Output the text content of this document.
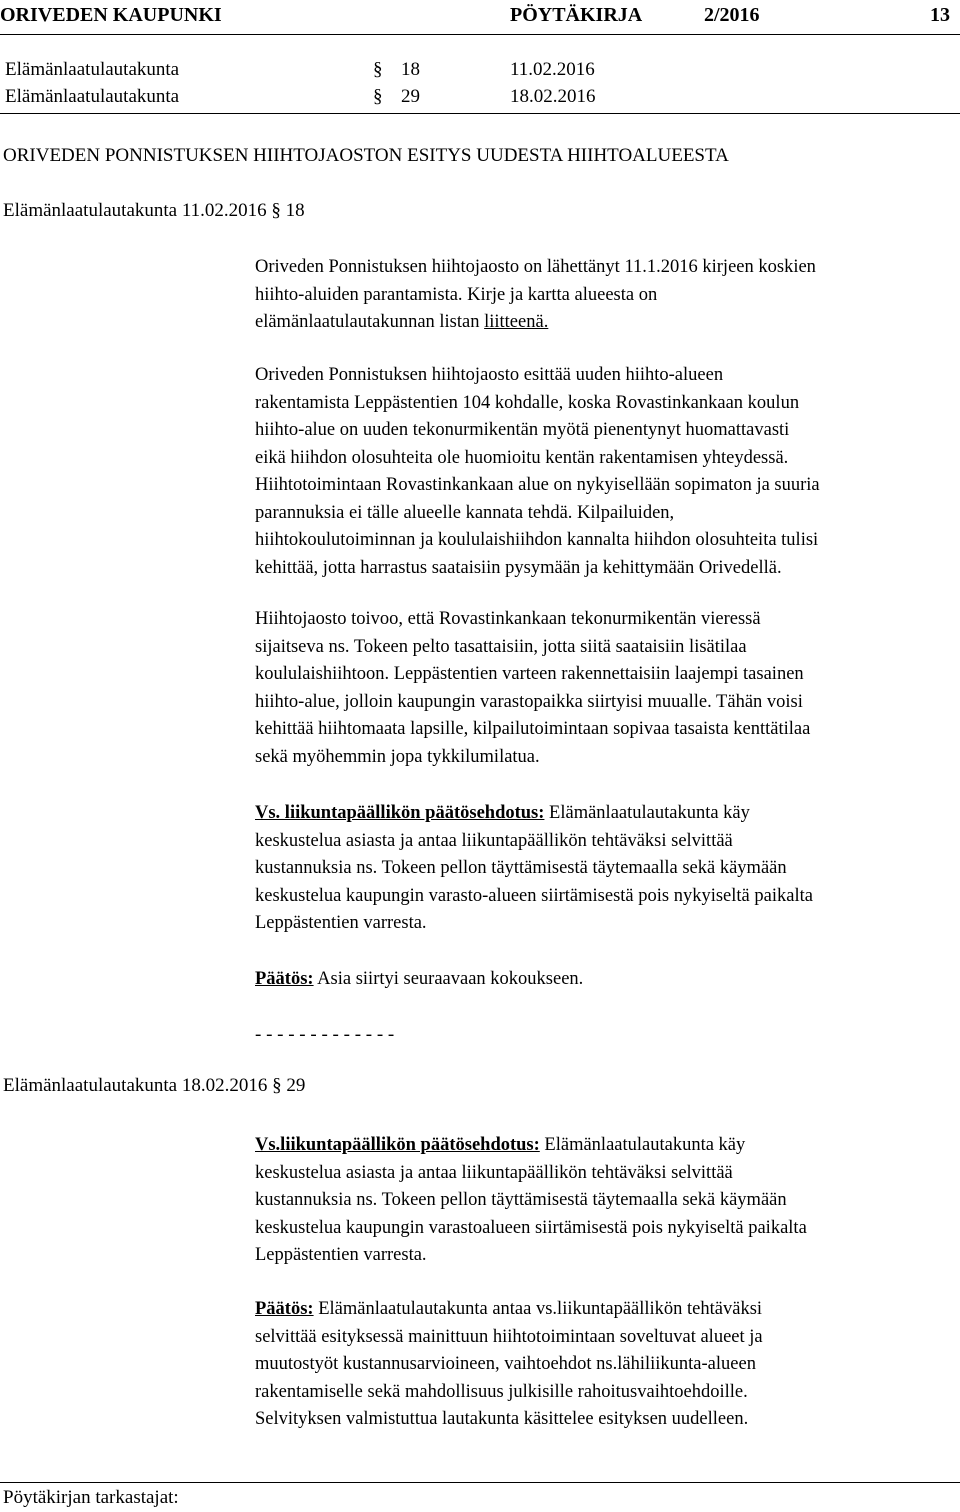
ORIVEDEN KAUPUNKI	PÖYTÄKIRJA	2/2016	13
Elämänlaatulautakunta	§ 18	11.02.2016
Elämänlaatulautakunta	§ 29	18.02.2016
ORIVEDEN PONNISTUKSEN HIIHTOJAOSTON ESITYS UUDESTA HIIHTOALUEESTA
Elämänlaatulautakunta 11.02.2016 § 18
Oriveden Ponnistuksen hiihtojaosto on lähettänyt 11.1.2016 kirjeen koskien
hiihto-aluiden parantamista. Kirje ja kartta alueesta on
elämänlaatulautakunnan listan liitteenä.
Oriveden Ponnistuksen hiihtojaosto esittää uuden hiihto-alueen
rakentamista Leppästentien 104 kohdalle, koska Rovastinkankaan koulun
hiihto-alue on uuden tekonurmikentän myötä pienentynyt huomattavasti
eikä hiihdon olosuhteita ole huomioitu kentän rakentamisen yhteydessä.
Hiihtotoimintaan Rovastinkankaan alue on nykyisellään sopimaton ja suuria
parannuksia ei tälle alueelle kannata tehdä. Kilpailuiden,
hiihtokoulutoiminnan ja koululaishiihdon kannalta hiihdon olosuhteita tulisi
kehittää, jotta harrastus saataisiin pysymään ja kehittymään Orivedellä.
Hiihtojaosto toivoo, että Rovastinkankaan tekonurmikentän vieressä
sijaitseva ns. Tokeen pelto tasattaisiin, jotta siitä saataisiin lisätilaa
koululaishiihtoon. Leppästentien varteen rakennettaisiin laajempi tasainen
hiihto-alue, jolloin kaupungin varastopaikka siirtyisi muualle. Tähän voisi
kehittää hiihtomaata lapsille, kilpailutoimintaan sopivaa tasaista kenttätilaa
sekä myöhemmin jopa tykkilumilatua.
Vs. liikuntapäällikön päätösehdotus: Elämänlaatulautakunta käy
keskustelua asiasta ja antaa liikuntapäällikön tehtäväksi selvittää
kustannuksia ns. Tokeen pellon täyttämisestä täytemaalla sekä käymään
keskustelua kaupungin varasto-alueen siirtämisestä pois nykyiseltä paikalta
Leppästentien varresta.
Päätös: Asia siirtyi seuraavaan kokoukseen.
- - - - - - - - - - - - -
Elämänlaatulautakunta 18.02.2016 § 29
Vs.liikuntapäällikön päätösehdotus: Elämänlaatulautakunta käy
keskustelua asiasta ja antaa liikuntapäällikön tehtäväksi selvittää
kustannuksia ns. Tokeen pellon täyttämisestä täytemaalla sekä käymään
keskustelua kaupungin varastoalueen siirtämisestä pois nykyiseltä paikalta
Leppästentien varresta.
Päätös: Elämänlaatulautakunta antaa vs.liikuntapäällikön tehtäväksi
selvittää esityksessä mainittuun hiihtotoimintaan soveltuvat alueet ja
muutostyöt kustannusarvioineen, vaihtoehdot ns.lähiliikunta-alueen
rakentamiselle sekä mahdollisuus julkisille rahoitusvaihtoehdoille.
Selvityksen valmistuttua lautakunta käsittelee esityksen uudelleen.
Pöytäkirjan tarkastajat:
